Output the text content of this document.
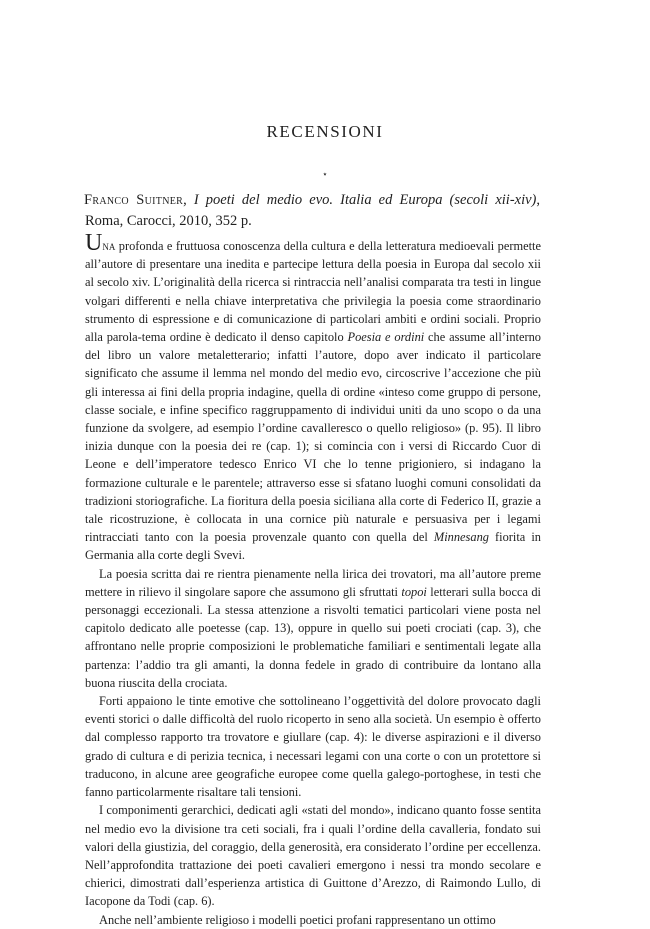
RECENSIONI
⋆
Franco Suitner, I poeti del medio evo. Italia ed Europa (secoli xii-xiv), Roma, Carocci, 2010, 352 p.

Una profonda e fruttuosa conoscenza della cultura e della letteratura medioevali permette all’autore di presentare una inedita e partecipe lettura della poesia in Europa dal secolo xii al secolo xiv. L’originalità della ricerca si rintraccia nell’analisi comparata tra testi in lingue volgari differenti e nella chiave interpretativa che privilegia la poesia come straordinario strumento di espressione e di comunicazione di particolari ambiti e ordini sociali. Proprio alla parola-tema ordine è dedicato il denso capitolo Poesia e ordini che assume all’interno del libro un valore metaletterario; infatti l’autore, dopo aver indicato il particolare significato che assume il lemma nel mondo del medio evo, circoscrive l’accezione che più gli interessa ai fini della propria indagine, quella di ordine «inteso come gruppo di persone, classe sociale, e infine specifico raggruppamento di individui uniti da uno scopo o da una funzione da svolgere, ad esempio l’ordine cavalleresco o quello religioso» (p. 95). Il libro inizia dunque con la poesia dei re (cap. 1); si comincia con i versi di Riccardo Cuor di Leone e dell’imperatore tedesco Enrico VI che lo tenne prigioniero, si indagano la formazione culturale e le parentele; attraverso esse si sfatano luoghi comuni consolidati da tradizioni storiografiche. La fioritura della poesia siciliana alla corte di Federico II, grazie a tale ricostruzione, è collocata in una cornice più naturale e persuasiva per i legami rintracciati tanto con la poesia provenzale quanto con quella del Minnesang fiorita in Germania alla corte degli Svevi.

La poesia scritta dai re rientra pienamente nella lirica dei trovatori, ma all’autore preme mettere in rilievo il singolare sapore che assumono gli sfruttati topoi letterari sulla bocca di personaggi eccezionali. La stessa attenzione a risvolti tematici particolari viene posta nel capitolo dedicato alle poetesse (cap. 13), oppure in quello sui poeti crociati (cap. 3), che affrontano nelle proprie composizioni le problematiche familiari e sentimentali legate alla partenza: l’addio tra gli amanti, la donna fedele in grado di contribuire da lontano alla buona riuscita della crociata.

Forti appaiono le tinte emotive che sottolineano l’oggettività del dolore provocato dagli eventi storici o dalle difficoltà del ruolo ricoperto in seno alla società. Un esempio è offerto dal complesso rapporto tra trovatore e giullare (cap. 4): le diverse aspirazioni e il diverso grado di cultura e di perizia tecnica, i necessari legami con una corte o con un protettore si traducono, in alcune aree geografiche europee come quella galego-portoghese, in testi che fanno particolarmente risaltare tali tensioni.

I componimenti gerarchici, dedicati agli «stati del mondo», indicano quanto fosse sentita nel medio evo la divisione tra ceti sociali, fra i quali l’ordine della cavalleria, fondato sui valori della giustizia, del coraggio, della generosità, era considerato l’ordine per eccellenza. Nell’approfondita trattazione dei poeti cavalieri emergono i nessi tra mondo secolare e chierici, dimostrati dall’esperienza artistica di Guittone d’Arezzo, di Raimondo Lullo, di Iacopone da Todi (cap. 6).

Anche nell’ambiente religioso i modelli poetici profani rappresentano un ottimo
